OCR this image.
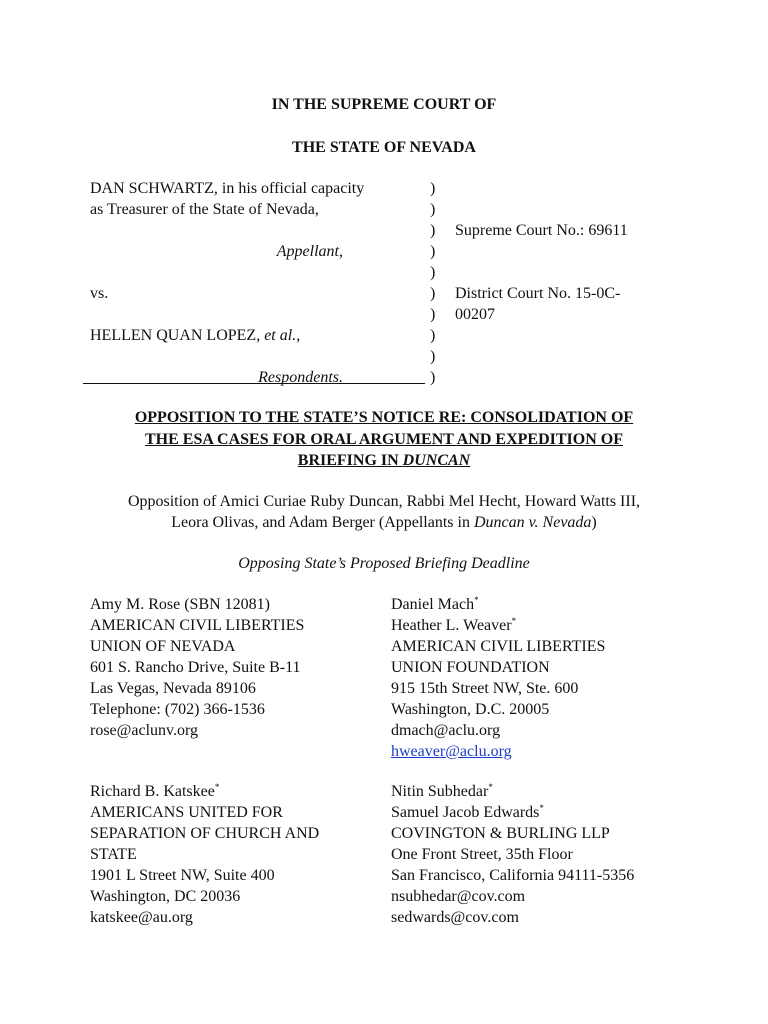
IN THE SUPREME COURT OF
THE STATE OF NEVADA
DAN SCHWARTZ, in his official capacity
as Treasurer of the State of Nevada,
Appellant,
vs.
HELLEN QUAN LOPEZ, et al.,
Respondents.
)
)
)
)
)
)
)
)
)
)
Supreme Court No.: 69611
District Court No. 15-0C-
00207
OPPOSITION TO THE STATE’S NOTICE RE: CONSOLIDATION OF
THE ESA CASES FOR ORAL ARGUMENT AND EXPEDITION OF
BRIEFING IN DUNCAN
Opposition of Amici Curiae Ruby Duncan, Rabbi Mel Hecht, Howard Watts III,
Leora Olivas, and Adam Berger (Appellants in Duncan v. Nevada)
Opposing State’s Proposed Briefing Deadline
Amy M. Rose (SBN 12081)
AMERICAN CIVIL LIBERTIES
UNION OF NEVADA
601 S. Rancho Drive, Suite B-11
Las Vegas, Nevada 89106
Telephone: (702) 366-1536
rose@aclunv.org
Daniel Mach*
Heather L. Weaver*
AMERICAN CIVIL LIBERTIES
UNION FOUNDATION
915 15th Street NW, Ste. 600
Washington, D.C. 20005
dmach@aclu.org
hweaver@aclu.org
Richard B. Katskee*
AMERICANS UNITED FOR
SEPARATION OF CHURCH AND
STATE
1901 L Street NW, Suite 400
Washington, DC 20036
katskee@au.org
Nitin Subhedar*
Samuel Jacob Edwards*
COVINGTON & BURLING LLP
One Front Street, 35th Floor
San Francisco, California 94111-5356
nsubhedar@cov.com
sedwards@cov.com
